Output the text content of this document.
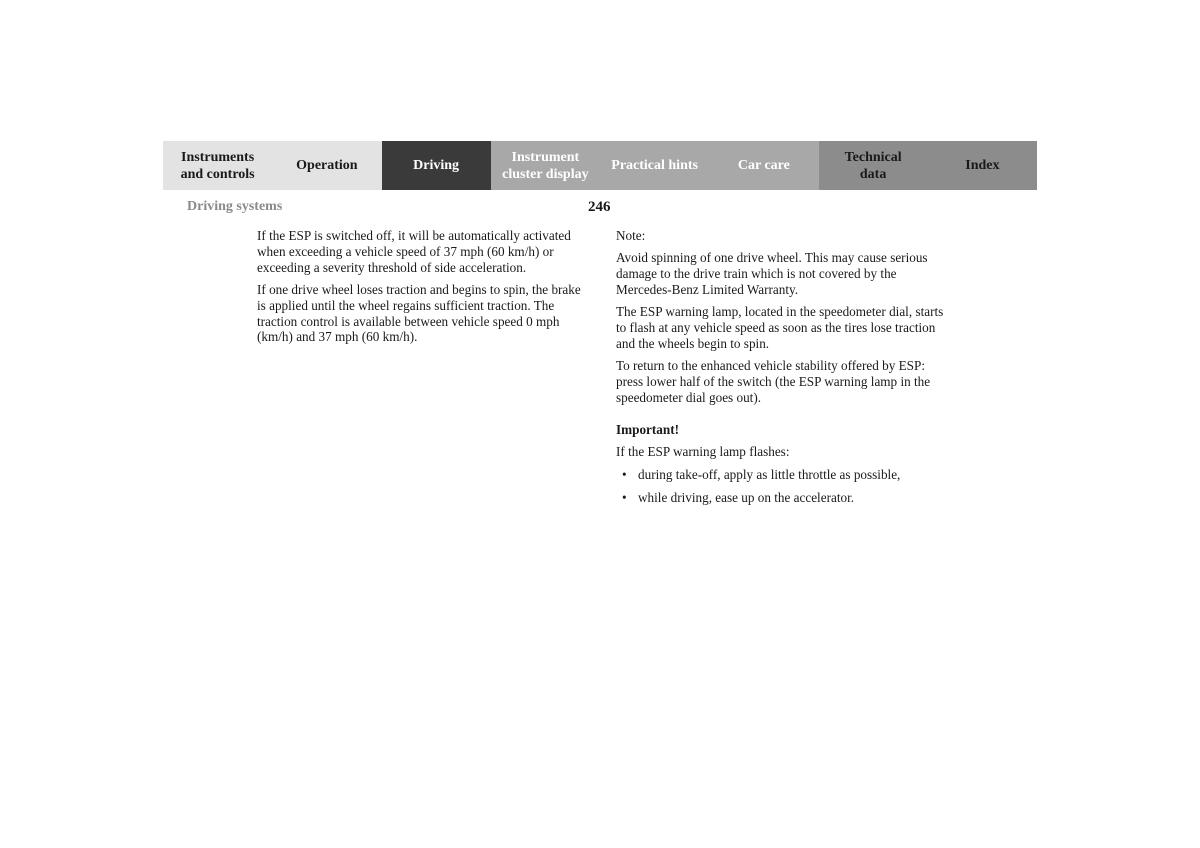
Instruments
and controls
Operation	Driving
Instrument
cluster display
Practical hints	Car care
Technical
data
Index
Driving systems	246

If the ESP is switched off, it will be automatically activated when exceeding a vehicle speed of 37 mph (60 km/h) or exceeding a severity threshold of side acceleration.

If one drive wheel loses traction and begins to spin, the brake is applied until the wheel regains sufficient traction. The traction control is available between vehicle speed 0 mph (km/h) and 37 mph (60 km/h).

Note:

Avoid spinning of one drive wheel. This may cause serious damage to the drive train which is not covered by the Mercedes-Benz Limited Warranty.

The ESP warning lamp, located in the speedometer dial, starts to flash at any vehicle speed as soon as the tires lose traction and the wheels begin to spin.

To return to the enhanced vehicle stability offered by ESP: press lower half of the switch (the ESP warning lamp in the speedometer dial goes out).

Important!

If the ESP warning lamp flashes:

• during take-off, apply as little throttle as possible,
• while driving, ease up on the accelerator.
